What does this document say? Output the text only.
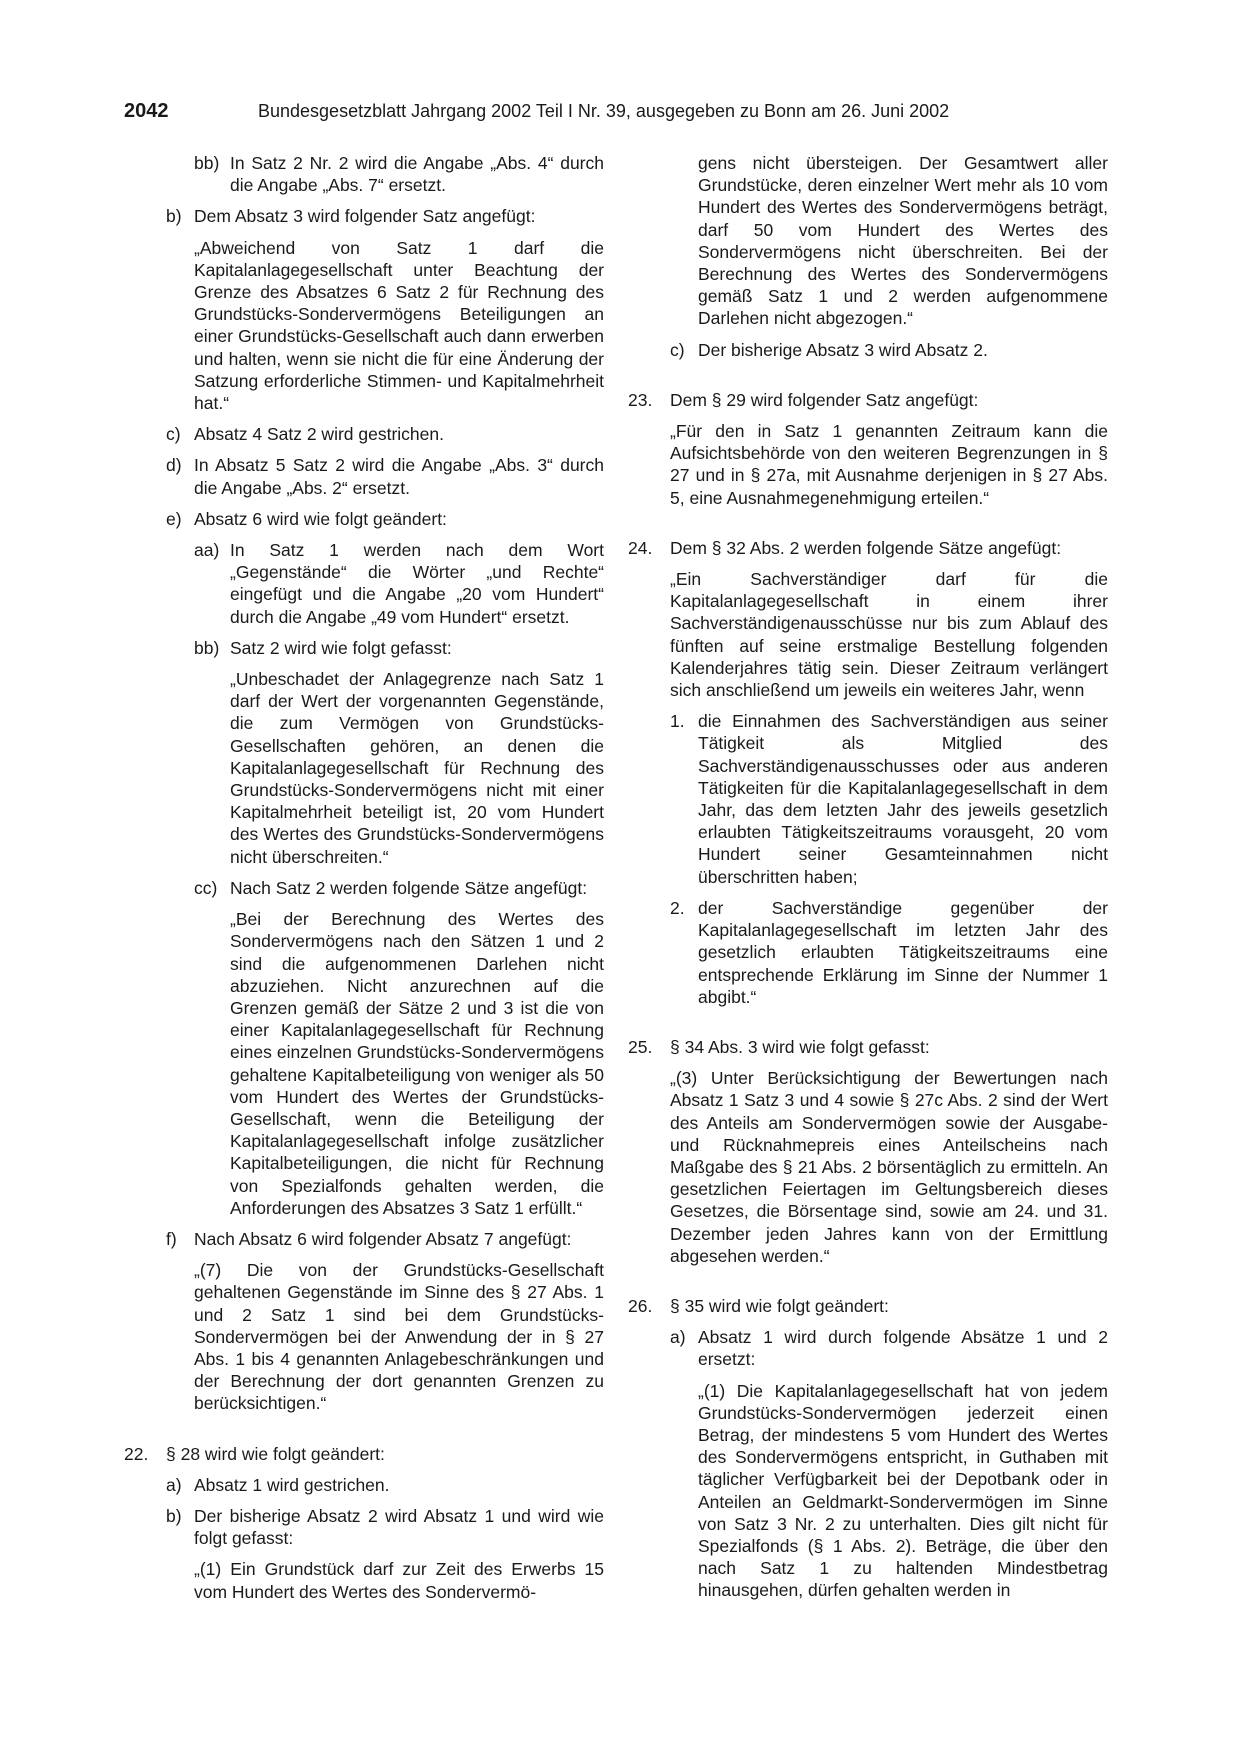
2042	Bundesgesetzblatt Jahrgang 2002 Teil I Nr. 39, ausgegeben zu Bonn am 26. Juni 2002
bb) In Satz 2 Nr. 2 wird die Angabe „Abs. 4“ durch die Angabe „Abs. 7“ ersetzt.
b) Dem Absatz 3 wird folgender Satz angefügt:

„Abweichend von Satz 1 darf die Kapitalanlagegesellschaft unter Beachtung der Grenze des Absatzes 6 Satz 2 für Rechnung des Grundstücks-Sondervermögens Beteiligungen an einer Grundstücks-Gesellschaft auch dann erwerben und halten, wenn sie nicht die für eine Änderung der Satzung erforderliche Stimmen- und Kapitalmehrheit hat.“

c) Absatz 4 Satz 2 wird gestrichen.
d) In Absatz 5 Satz 2 wird die Angabe „Abs. 3“ durch die Angabe „Abs. 2“ ersetzt.
e) Absatz 6 wird wie folgt geändert:
aa) In Satz 1 werden nach dem Wort „Gegenstände“ die Wörter „und Rechte“ eingefügt und die Angabe „20 vom Hundert“ durch die Angabe „49 vom Hundert“ ersetzt.
bb) Satz 2 wird wie folgt gefasst:

„Unbeschadet der Anlagegrenze nach Satz 1 darf der Wert der vorgenannten Gegenstände, die zum Vermögen von Grundstücks-Gesellschaften gehören, an denen die Kapitalanlagegesellschaft für Rechnung des Grundstücks-Sondervermögens nicht mit einer Kapitalmehrheit beteiligt ist, 20 vom Hundert des Wertes des Grundstücks-Sondervermögens nicht überschreiten.“

cc) Nach Satz 2 werden folgende Sätze angefügt:

„Bei der Berechnung des Wertes des Sondervermögens nach den Sätzen 1 und 2 sind die aufgenommenen Darlehen nicht abzuziehen. Nicht anzurechnen auf die Grenzen gemäß der Sätze 2 und 3 ist die von einer Kapitalanlagegesellschaft für Rechnung eines einzelnen Grundstücks-Sondervermögens gehaltene Kapitalbeteiligung von weniger als 50 vom Hundert des Wertes der Grundstücks-Gesellschaft, wenn die Beteiligung der Kapitalanlagegesellschaft infolge zusätzlicher Kapitalbeteiligungen, die nicht für Rechnung von Spezialfonds gehalten werden, die Anforderungen des Absatzes 3 Satz 1 erfüllt.“

f) Nach Absatz 6 wird folgender Absatz 7 angefügt:

„(7) Die von der Grundstücks-Gesellschaft gehaltenen Gegenstände im Sinne des § 27 Abs. 1 und 2 Satz 1 sind bei dem Grundstücks-Sondervermögen bei der Anwendung der in § 27 Abs. 1 bis 4 genannten Anlagebeschränkungen und der Berechnung der dort genannten Grenzen zu berücksichtigen.“

22.	§ 28 wird wie folgt geändert:
a) Absatz 1 wird gestrichen.
b) Der bisherige Absatz 2 wird Absatz 1 und wird wie folgt gefasst:

„(1) Ein Grundstück darf zur Zeit des Erwerbs 15 vom Hundert des Wertes des Sondervermö-

gens nicht übersteigen. Der Gesamtwert aller Grundstücke, deren einzelner Wert mehr als 10 vom Hundert des Wertes des Sondervermögens beträgt, darf 50 vom Hundert des Wertes des Sondervermögens nicht überschreiten. Bei der Berechnung des Wertes des Sondervermögens gemäß Satz 1 und 2 werden aufgenommene Darlehen nicht abgezogen.“

c) Der bisherige Absatz 3 wird Absatz 2.
23.	Dem § 29 wird folgender Satz angefügt:

„Für den in Satz 1 genannten Zeitraum kann die Aufsichtsbehörde von den weiteren Begrenzungen in § 27 und in § 27a, mit Ausnahme derjenigen in § 27 Abs. 5, eine Ausnahmegenehmigung erteilen.“

24.	Dem § 32 Abs. 2 werden folgende Sätze angefügt:

„Ein Sachverständiger darf für die Kapitalanlagegesellschaft in einem ihrer Sachverständigenausschüsse nur bis zum Ablauf des fünften auf seine erstmalige Bestellung folgenden Kalenderjahres tätig sein. Dieser Zeitraum verlängert sich anschließend um jeweils ein weiteres Jahr, wenn

1. die Einnahmen des Sachverständigen aus seiner Tätigkeit als Mitglied des Sachverständigenausschusses oder aus anderen Tätigkeiten für die Kapitalanlagegesellschaft in dem Jahr, das dem letzten Jahr des jeweils gesetzlich erlaubten Tätigkeitszeitraums vorausgeht, 20 vom Hundert seiner Gesamteinnahmen nicht überschritten haben;
2. der Sachverständige gegenüber der Kapitalanlagegesellschaft im letzten Jahr des gesetzlich erlaubten Tätigkeitszeitraums eine entsprechende Erklärung im Sinne der Nummer 1 abgibt.“
25.	§ 34 Abs. 3 wird wie folgt gefasst:

„(3) Unter Berücksichtigung der Bewertungen nach Absatz 1 Satz 3 und 4 sowie § 27c Abs. 2 sind der Wert des Anteils am Sondervermögen sowie der Ausgabe- und Rücknahmepreis eines Anteilscheins nach Maßgabe des § 21 Abs. 2 börsentäglich zu ermitteln. An gesetzlichen Feiertagen im Geltungsbereich dieses Gesetzes, die Börsentage sind, sowie am 24. und 31. Dezember jeden Jahres kann von der Ermittlung abgesehen werden.“

26.	§ 35 wird wie folgt geändert:
a) Absatz 1 wird durch folgende Absätze 1 und 2 ersetzt:

„(1) Die Kapitalanlagegesellschaft hat von jedem Grundstücks-Sondervermögen jederzeit einen Betrag, der mindestens 5 vom Hundert des Wertes des Sondervermögens entspricht, in Guthaben mit täglicher Verfügbarkeit bei der Depotbank oder in Anteilen an Geldmarkt-Sondervermögen im Sinne von Satz 3 Nr. 2 zu unterhalten. Dies gilt nicht für Spezialfonds (§ 1 Abs. 2). Beträge, die über den nach Satz 1 zu haltenden Mindestbetrag hinausgehen, dürfen gehalten werden in
